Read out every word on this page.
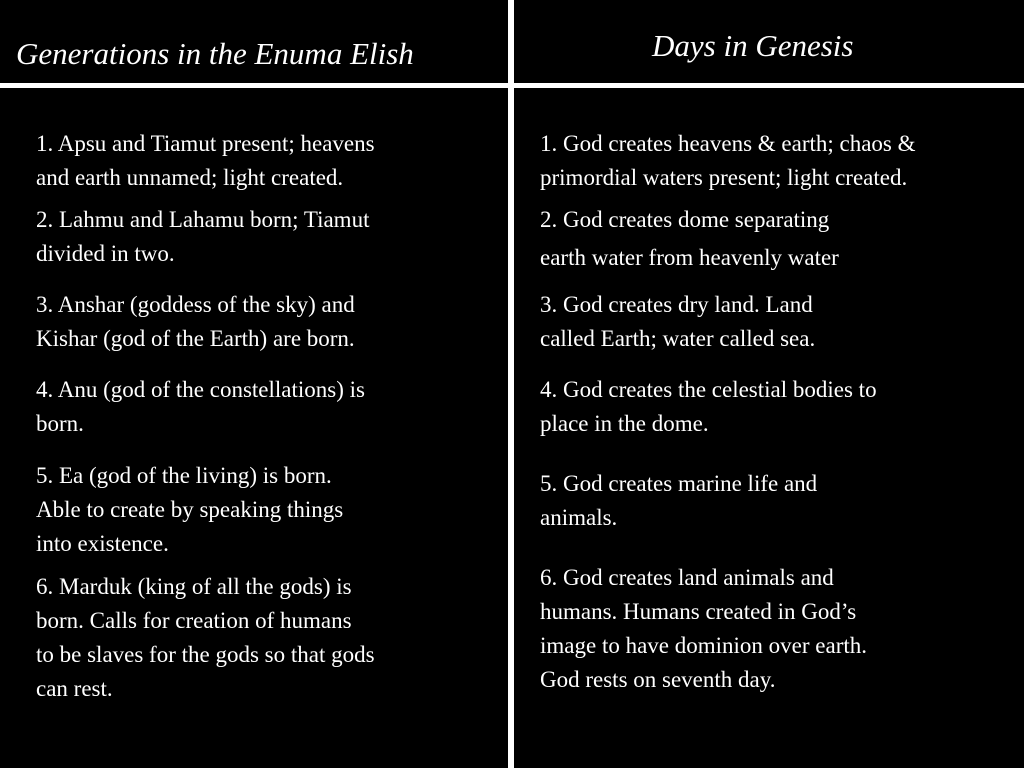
Generations in the Enuma Elish	Days in Genesis

1. Apsu and Tiamut present; heavens
and earth unnamed; light created.

2. Lahmu and Lahamu born; Tiamut
divided in two.

3. Anshar (goddess of the sky) and
Kishar (god of the Earth) are born.

4. Anu (god of the constellations) is
born.

5. Ea (god of the living) is born.
Able to create by speaking things
into existence.

6. Marduk (king of all the gods) is
born. Calls for creation of humans
to be slaves for the gods so that gods
can rest.

1. God creates heavens & earth; chaos &
primordial waters present; light created.

2. God creates dome separating
earth water from heavenly water

3. God creates dry land. Land
called Earth; water called sea.

4. God creates the celestial bodies to
place in the dome.

5. God creates marine life and
animals.

6. God creates land animals and
humans. Humans created in God’s
image to have dominion over earth.
God rests on seventh day.
